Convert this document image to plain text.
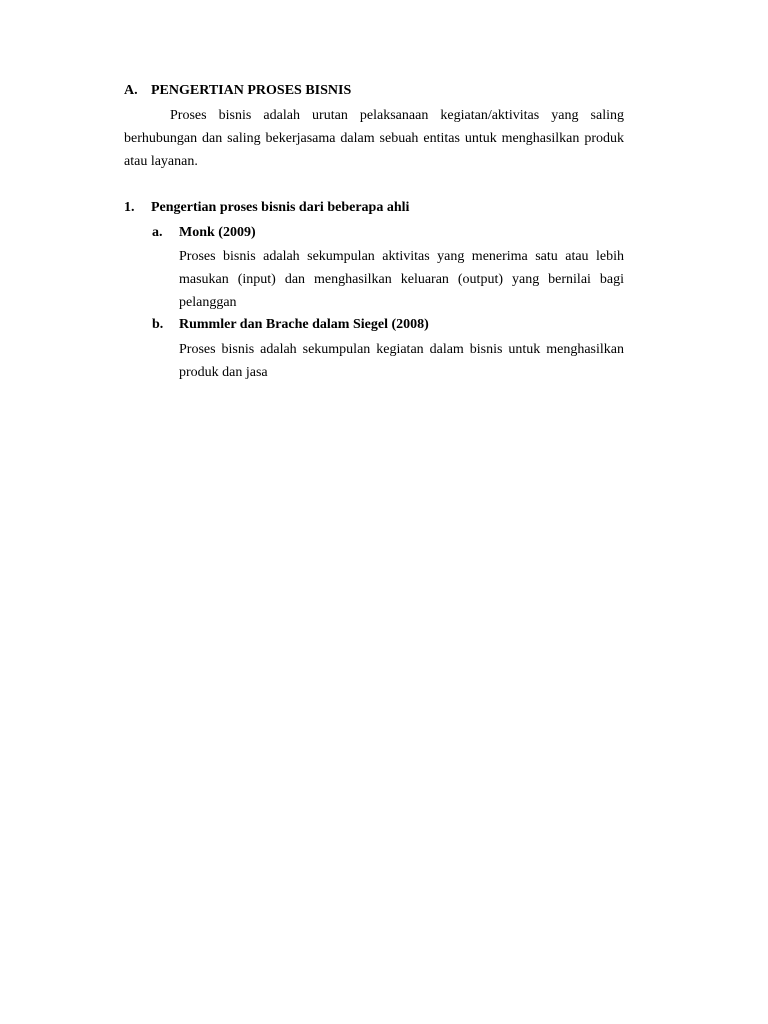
A. PENGERTIAN PROSES BISNIS

Proses bisnis adalah urutan pelaksanaan kegiatan/aktivitas yang saling berhubungan dan saling bekerjasama dalam sebuah entitas untuk menghasilkan produk atau layanan.

1. Pengertian proses bisnis dari beberapa ahli
a. Monk (2009)

Proses bisnis adalah sekumpulan aktivitas yang menerima satu atau lebih masukan (input) dan menghasilkan keluaran (output) yang bernilai bagi pelanggan

b. Rummler dan Brache dalam Siegel (2008)

Proses bisnis adalah sekumpulan kegiatan dalam bisnis untuk menghasilkan produk dan jasa
